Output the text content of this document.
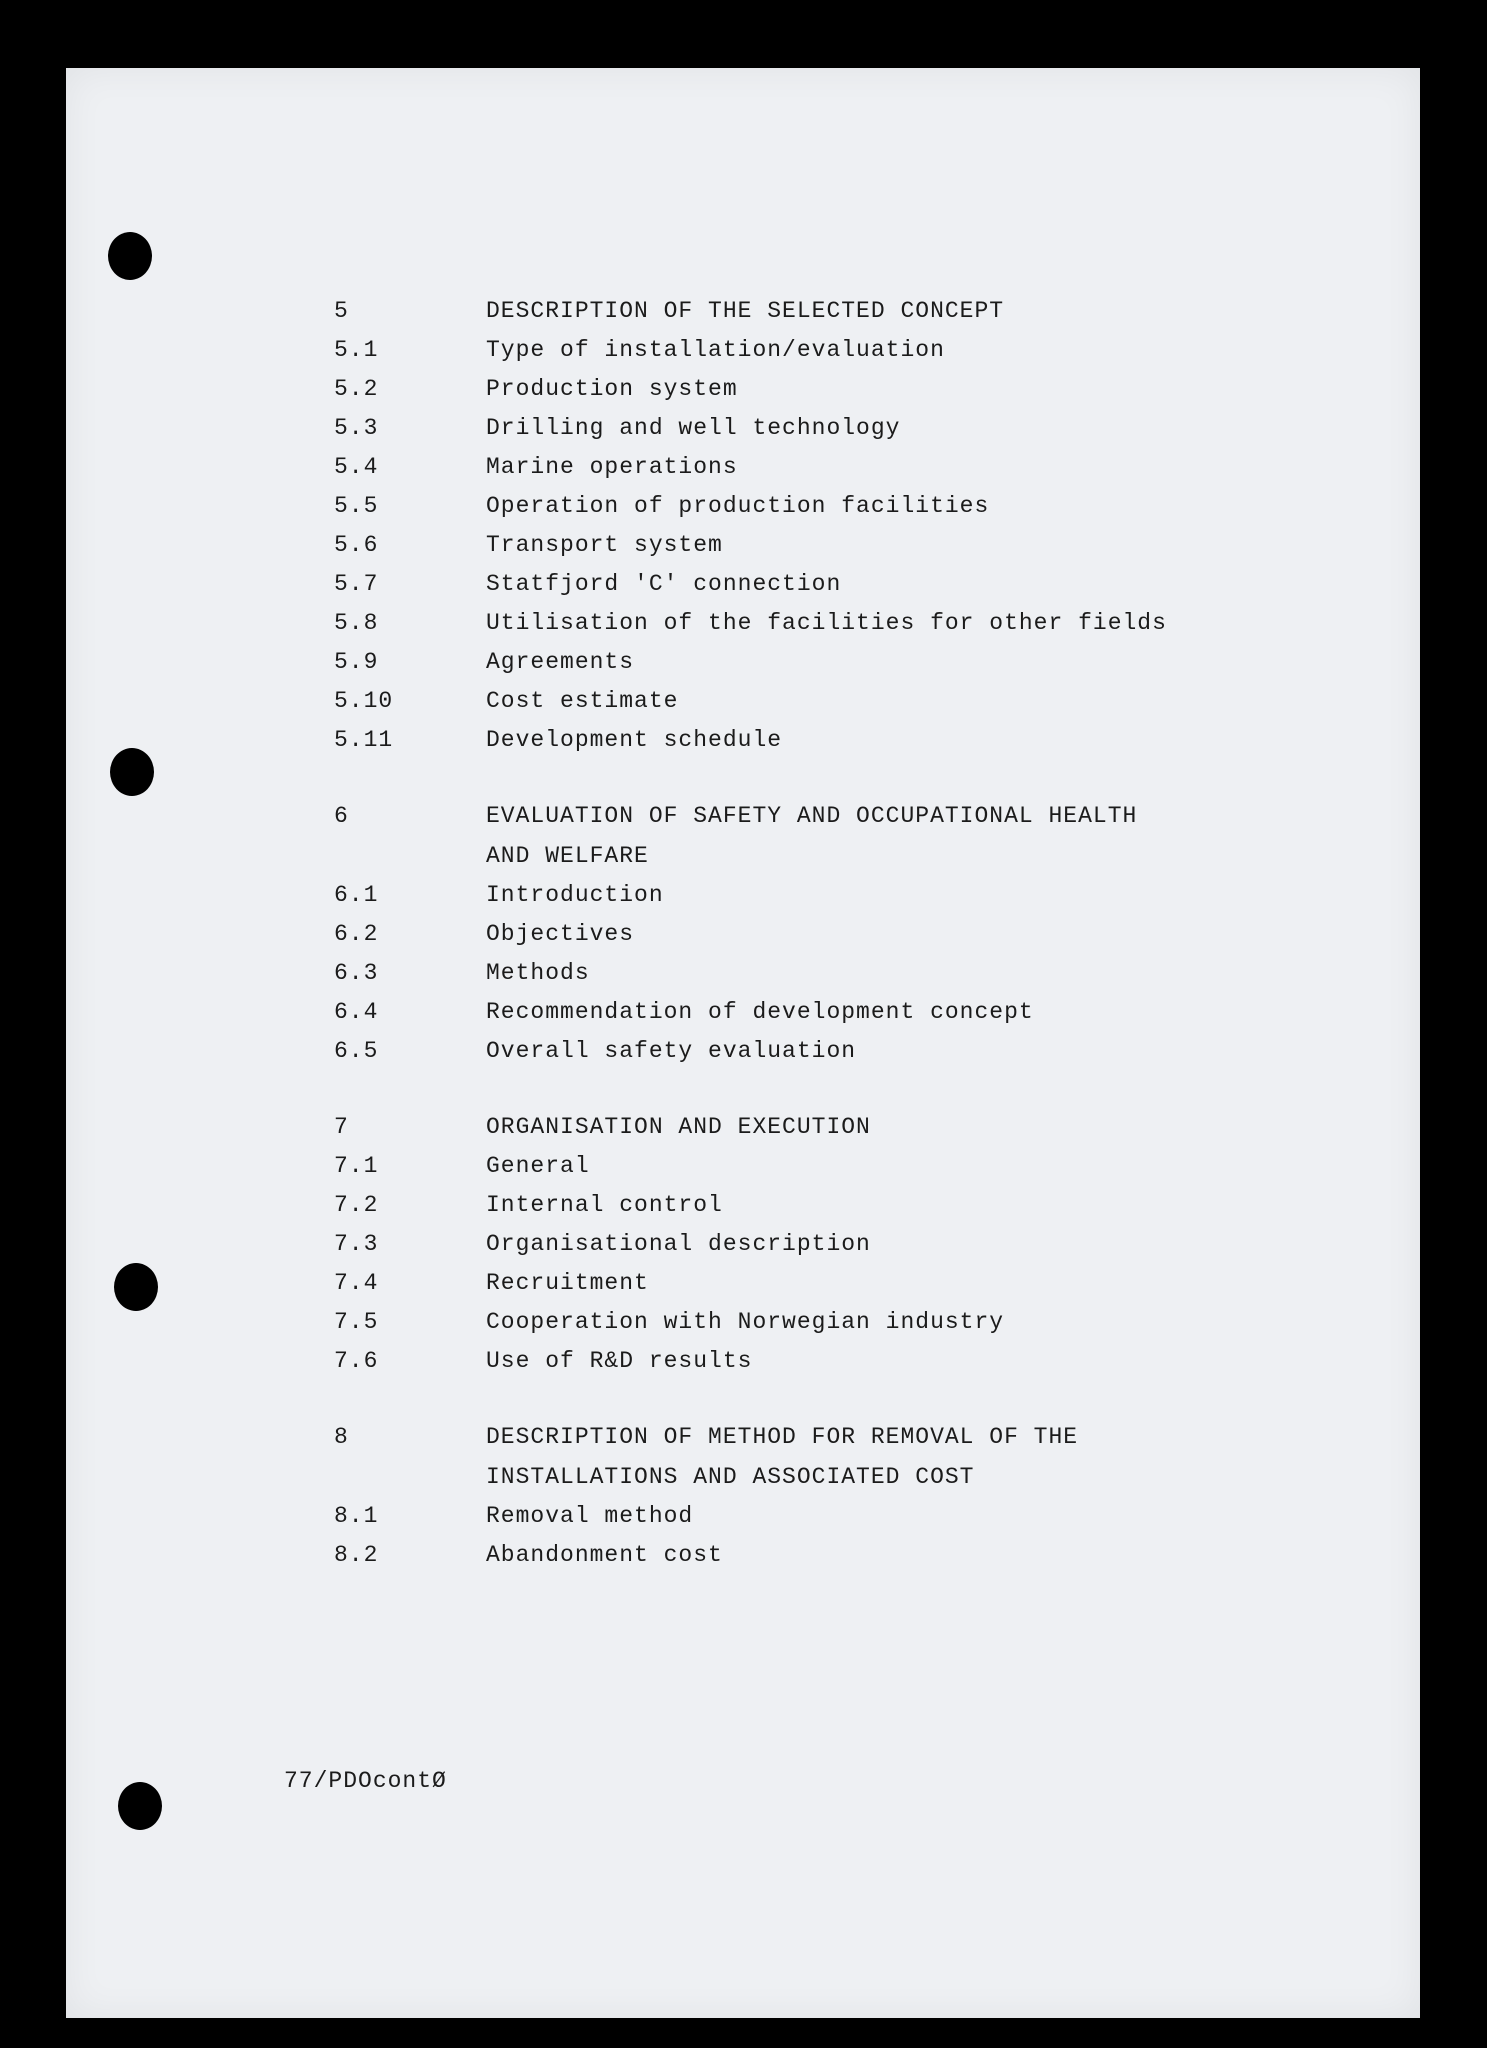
5	DESCRIPTION OF THE SELECTED CONCEPT
5.1	Type of installation/evaluation
5.2	Production system
5.3	Drilling and well technology
5.4	Marine operations
5.5	Operation of production facilities
5.6	Transport system
5.7	Statfjord 'C' connection
5.8	Utilisation of the facilities for other fields
5.9	Agreements
5.10	Cost estimate
5.11	Development schedule
6	EVALUATION OF SAFETY AND OCCUPATIONAL HEALTH
AND WELFARE
6.1	Introduction
6.2	Objectives
6.3	Methods
6.4	Recommendation of development concept
6.5	Overall safety evaluation
7	ORGANISATION AND EXECUTION
7.1	General
7.2	Internal control
7.3	Organisational description
7.4	Recruitment
7.5	Cooperation with Norwegian industry
7.6	Use of R&D results
8	DESCRIPTION OF METHOD FOR REMOVAL OF THE
INSTALLATIONS AND ASSOCIATED COST
8.1	Removal method
8.2	Abandonment cost
77/PDOcontØ
